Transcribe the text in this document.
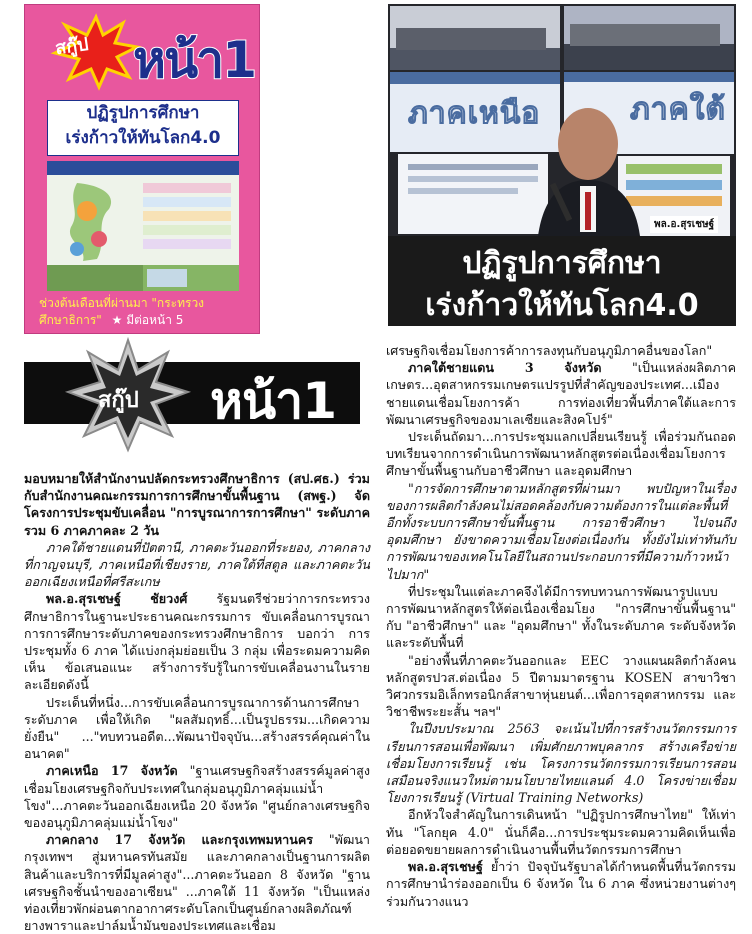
สกู๊ป หน้า1
ปฏิรูปการศึกษา
เร่งก้าวให้ทันโลก4.0
ช่วงต้นเดือนที่ผ่านมา "กระทรวง
ศึกษาธิการ" ★ มีต่อหน้า 5
ภาคเหนือ	ภาคใต้
พล.อ.สุรเชษฐ์
ปฏิรูปการศึกษา
เร่งก้าวให้ทันโลก4.0
สกู๊ป หน้า1

มอบหมายให้สำนักงานปลัดกระทรวงศึกษาธิการ (สป.ศธ.) ร่วมกับสำนักงานคณะกรรมการการศึกษาขั้นพื้นฐาน (สพฐ.) จัดโครงการประชุมขับเคลื่อน "การบูรณาการการศึกษา" ระดับภาครวม 6 ภาคภาคละ 2 วัน

ภาคใต้ชายแดนที่ปัตตานี, ภาคตะวันออกที่ระยอง, ภาคกลางที่กาญจนบุรี, ภาคเหนือที่เชียงราย, ภาคใต้ที่สตูล และภาคตะวันออกเฉียงเหนือที่ศรีสะเกษ

พล.อ.สุรเชษฐ์ ชัยวงศ์ รัฐมนตรีช่วยว่าการกระทรวงศึกษาธิการในฐานะประธานคณะกรรมการ ขับเคลื่อนการบูรณาการการศึกษาระดับภาคของกระทรวงศึกษาธิการ บอกว่า การประชุมทั้ง 6 ภาค ได้แบ่งกลุ่มย่อยเป็น 3 กลุ่ม เพื่อระดมความคิดเห็น ข้อเสนอแนะ สร้างการรับรู้ในการขับเคลื่อนงานในรายละเอียดดังนี้

ประเด็นที่หนึ่ง...การขับเคลื่อนการบูรณาการด้านการศึกษาระดับภาค เพื่อให้เกิด "ผลสัมฤทธิ์...เป็นรูปธรรม...เกิดความยั่งยืน" ..."ทบทวนอดีต...พัฒนาปัจจุบัน...สร้างสรรค์คุณค่าในอนาคต"

ภาคเหนือ 17 จังหวัด "ฐานเศรษฐกิจสร้างสรรค์มูลค่าสูงเชื่อมโยงเศรษฐกิจกับประเทศในกลุ่มอนุภูมิภาคลุ่มแม่น้ำโขง"...ภาคตะวันออกเฉียงเหนือ 20 จังหวัด "ศูนย์กลางเศรษฐกิจของอนุภูมิภาคลุ่มแม่น้ำโขง"

ภาคกลาง 17 จังหวัด และกรุงเทพมหานคร "พัฒนากรุงเทพฯ สู่มหานครทันสมัย และภาคกลางเป็นฐานการผลิตสินค้าและบริการที่มีมูลค่าสูง"...ภาคตะวันออก 8 จังหวัด "ฐานเศรษฐกิจชั้นนำของอาเซียน" ...ภาคใต้ 11 จังหวัด "เป็นแหล่งท่องเที่ยวพักผ่อนตากอากาศระดับโลกเป็นศูนย์กลางผลิตภัณฑ์ยางพาราและปาล์มน้ำมันของประเทศและเชื่อม

เศรษฐกิจเชื่อมโยงการค้าการลงทุนกับอนุภูมิภาคอื่นของโลก"

ภาคใต้ชายแดน 3 จังหวัด "เป็นแหล่งผลิตภาคเกษตร...อุตสาหกรรมเกษตรแปรรูปที่สำคัญของประเทศ...เมืองชายแดนเชื่อมโยงการค้า การท่องเที่ยวพื้นที่ภาคใต้และการพัฒนาเศรษฐกิจของมาเลเซียและสิงคโปร์"

ประเด็นถัดมา...การประชุมแลกเปลี่ยนเรียนรู้ เพื่อร่วมกันถอดบทเรียนจากการดำเนินการพัฒนาหลักสูตรต่อเนื่องเชื่อมโยงการศึกษาขั้นพื้นฐานกับอาชีวศึกษา และอุดมศึกษา

"การจัดการศึกษาตามหลักสูตรที่ผ่านมา พบปัญหาในเรื่องของการผลิตกำลังคนไม่สอดคล้องกับความต้องการในแต่ละพื้นที่ อีกทั้งระบบการศึกษาขั้นพื้นฐาน การอาชีวศึกษา ไปจนถึงอุดมศึกษา ยังขาดความเชื่อมโยงต่อเนื่องกัน ทั้งยังไม่เท่าทันกับการพัฒนาของเทคโนโลยีในสถานประกอบการที่มีความก้าวหน้าไปมาก"

ที่ประชุมในแต่ละภาคจึงได้มีการทบทวนการพัฒนารูปแบบการพัฒนาหลักสูตรให้ต่อเนื่องเชื่อมโยง "การศึกษาขั้นพื้นฐาน" กับ "อาชีวศึกษา" และ "อุดมศึกษา" ทั้งในระดับภาค ระดับจังหวัด และระดับพื้นที่

"อย่างพื้นที่ภาคตะวันออกและ EEC วางแผนผลิตกำลังคนหลักสูตรปวส.ต่อเนื่อง 5 ปีตามมาตรฐาน KOSEN สาขาวิชาวิศวกรรมอิเล็กทรอนิกส์สาขาหุ่นยนต์...เพื่อการอุตสาหกรรม และวิชาชีพระยะสั้น ฯลฯ"

ในปีงบประมาณ 2563 จะเน้นไปที่การสร้างนวัตกรรมการเรียนการสอนเพื่อพัฒนา เพิ่มศักยภาพบุคลากร สร้างเครือข่ายเชื่อมโยงการเรียนรู้ เช่น โครงการนวัตกรรมการเรียนการสอนเสมือนจริงแนวใหม่ตามนโยบายไทยแลนด์ 4.0 โครงข่ายเชื่อมโยงการเรียนรู้ (Virtual Training Networks)

อีกหัวใจสำคัญในการเดินหน้า "ปฏิรูปการศึกษาไทย" ให้เท่าทัน "โลกยุค 4.0" นั่นก็คือ...การประชุมระดมความคิดเห็นเพื่อต่อยอดขยายผลการดำเนินงานพื้นที่นวัตกรรมการศึกษา

พล.อ.สุรเชษฐ์ ย้ำว่า ปัจจุบันรัฐบาลได้กำหนดพื้นที่นวัตกรรมการศึกษานำร่องออกเป็น 6 จังหวัด ใน 6 ภาค ซึ่งหน่วยงานต่างๆร่วมกันวางแนว
